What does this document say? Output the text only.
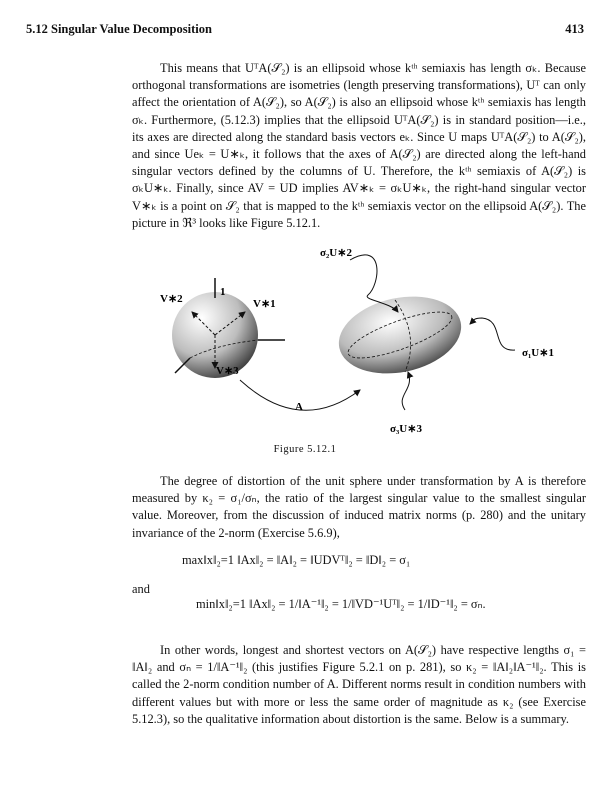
5.12 Singular Value Decomposition	413
This means that UᵀA(𝒮₂) is an ellipsoid whose kᵗʰ semiaxis has length σₖ. Because orthogonal transformations are isometries (length preserving transformations), Uᵀ can only affect the orientation of A(𝒮₂), so A(𝒮₂) is also an ellipsoid whose kᵗʰ semiaxis has length σₖ. Furthermore, (5.12.3) implies that the ellipsoid UᵀA(𝒮₂) is in standard position—i.e., its axes are directed along the standard basis vectors eₖ. Since U maps UᵀA(𝒮₂) to A(𝒮₂), and since Ueₖ = U∗ₖ, it follows that the axes of A(𝒮₂) are directed along the left-hand singular vectors defined by the columns of U. Therefore, the kᵗʰ semiaxis of A(𝒮₂) is σₖU∗ₖ. Finally, since AV = UD implies AV∗ₖ = σₖU∗ₖ, the right-hand singular vector V∗ₖ is a point on 𝒮₂ that is mapped to the kᵗʰ semiaxis vector on the ellipsoid A(𝒮₂). The picture in ℜ³ looks like Figure 5.12.1.
V∗2
1
V∗1
V∗3
σ₂U∗2
σ₁U∗1
σ₃U∗3
A
Figure 5.12.1
The degree of distortion of the unit sphere under transformation by A is therefore measured by κ₂ = σ₁/σₙ, the ratio of the largest singular value to the smallest singular value. Moreover, from the discussion of induced matrix norms (p. 280) and the unitary invariance of the 2-norm (Exercise 5.6.9),
max‖x‖₂=1 ‖Ax‖₂ = ‖A‖₂ = ‖UDVᵀ‖₂ = ‖D‖₂ = σ₁
and
min‖x‖₂=1 ‖Ax‖₂ = 1/‖A⁻¹‖₂ = 1/‖VD⁻¹Uᵀ‖₂ = 1/‖D⁻¹‖₂ = σₙ.
In other words, longest and shortest vectors on A(𝒮₂) have respective lengths σ₁ = ‖A‖₂ and σₙ = 1/‖A⁻¹‖₂ (this justifies Figure 5.2.1 on p. 281), so κ₂ = ‖A‖₂‖A⁻¹‖₂. This is called the 2-norm condition number of A. Different norms result in condition numbers with different values but with more or less the same order of magnitude as κ₂ (see Exercise 5.12.3), so the qualitative information about distortion is the same. Below is a summary.
